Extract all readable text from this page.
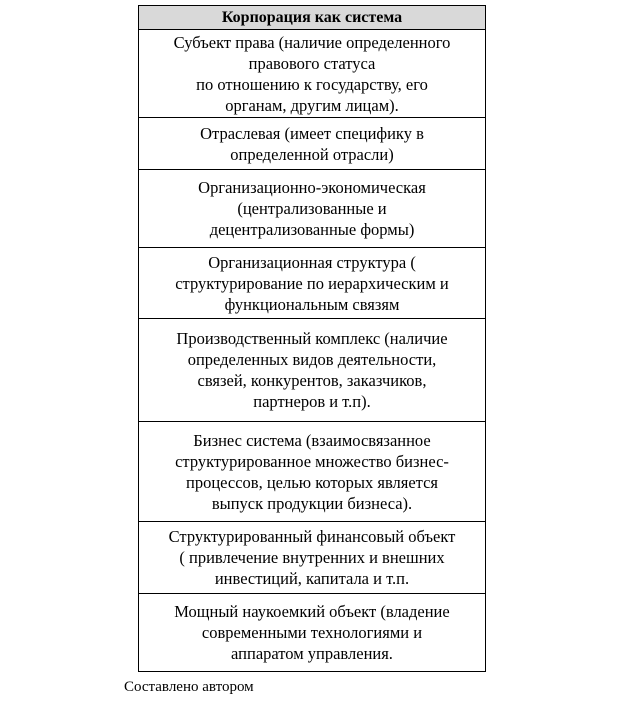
Корпорация как система
Субъект права (наличие определенного
правового статуса
по отношению к государству, его
органам, другим лицам).
Отраслевая (имеет специфику в
определенной отрасли)
Организационно-экономическая
(централизованные и
децентрализованные формы)
Организационная структура (
структурирование по иерархическим и
функциональным связям
Производственный комплекс (наличие
определенных видов деятельности,
связей, конкурентов, заказчиков,
партнеров и т.п).
Бизнес система (взаимосвязанное
структурированное множество бизнес-
процессов, целью которых является
выпуск продукции бизнеса).
Структурированный финансовый объект
( привлечение внутренних и внешних
инвестиций, капитала и т.п.
Мощный наукоемкий объект (владение
современными технологиями и
аппаратом управления.
Составлено автором
